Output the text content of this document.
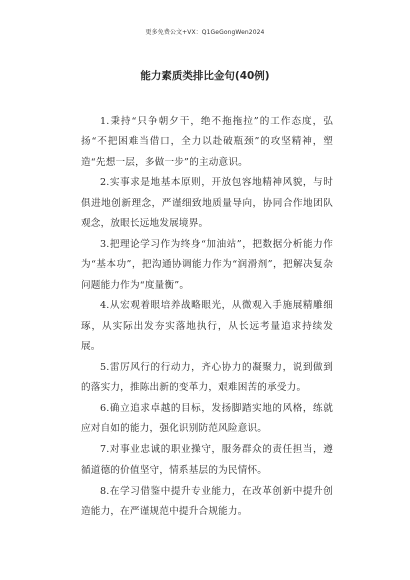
更多免费公文+VX：Q1GeGongWen2024
能力素质类排比金句(40例)

1.秉持“只争朝夕干，绝不拖拖拉”的工作态度，弘扬“不把困难当借口，全力以赴破瓶颈”的攻坚精神，塑造“先想一层，多做一步”的主动意识。

2.实事求是地基本原则，开放包容地精神风貌，与时俱进地创新理念，严谨细致地质量导向，协同合作地团队观念，放眼长远地发展境界。

3.把理论学习作为终身“加油站”，把数据分析能力作为“基本功”，把沟通协调能力作为“润滑剂”，把解决复杂问题能力作为“度量衡”。

4.从宏观着眼培养战略眼光，从微观入手施展精雕细琢，从实际出发夯实落地执行，从长远考量追求持续发展。

5.雷厉风行的行动力，齐心协力的凝聚力，说到做到的落实力，推陈出新的变革力，艰难困苦的承受力。

6.确立追求卓越的目标，发扬脚踏实地的风格，练就应对自如的能力，强化识别防范风险意识。

7.对事业忠诚的职业操守，服务群众的责任担当，遵循道德的价值坚守，情系基层的为民情怀。

8.在学习借鉴中提升专业能力，在改革创新中提升创造能力，在严谨规范中提升合规能力。
